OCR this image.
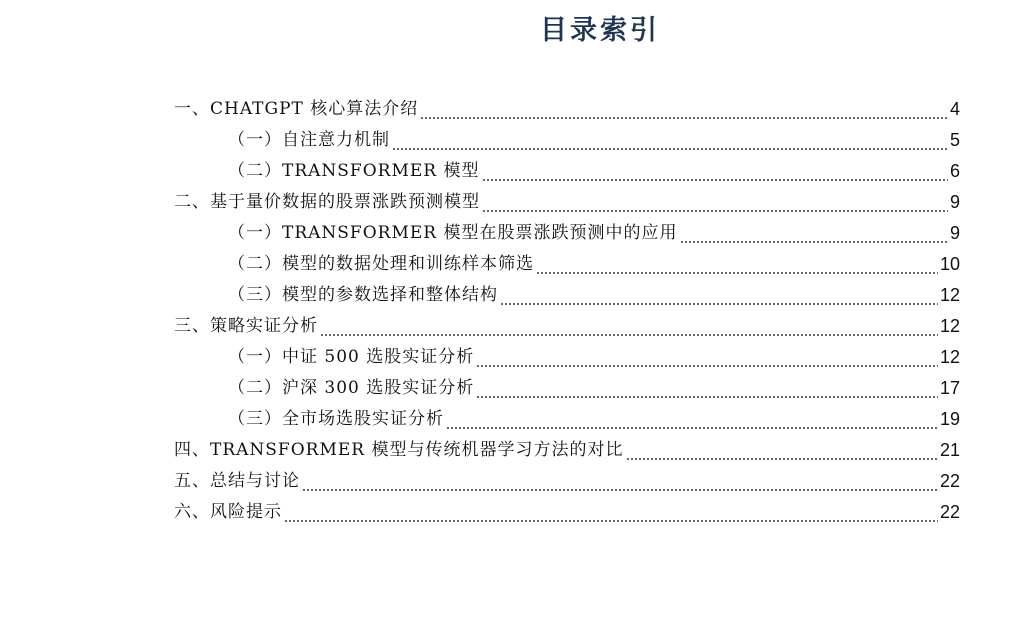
目录索引
一、CHATGPT 核心算法介绍	4
（一）自注意力机制	5
（二）TRANSFORMER 模型	6
二、基于量价数据的股票涨跌预测模型	9
（一）TRANSFORMER 模型在股票涨跌预测中的应用	9
（二）模型的数据处理和训练样本筛选	10
（三）模型的参数选择和整体结构	12
三、策略实证分析	12
（一）中证 500 选股实证分析	12
（二）沪深 300 选股实证分析	17
（三）全市场选股实证分析	19
四、TRANSFORMER 模型与传统机器学习方法的对比	21
五、总结与讨论	22
六、风险提示	22
